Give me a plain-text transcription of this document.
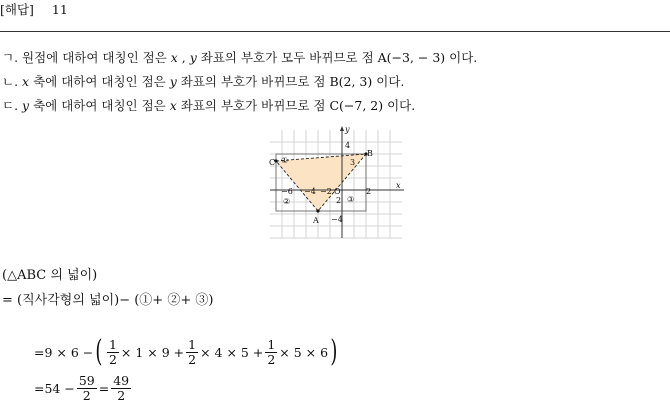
[해답] 11
ㄱ. 원점에 대하여 대칭인 점은 x , y 좌표의 부호가 모두 바뀌므로 점 A(−3, − 3) 이다.
ㄴ. x 축에 대하여 대칭인 점은 y 좌표의 부호가 바뀌므로 점 B(2, 3) 이다.
ㄷ. y 축에 대하여 대칭인 점은 x 좌표의 부호가 바뀌므로 점 C(−7, 2) 이다.
B
C
A
O
y
x
4
3
−6 −4 −2	2
−4
2
①
②	③
(△ABC 의 넓이)
= (직사각형의 넓이)− (①+ ②+ ③)
=9 × 6 − ( $\frac{1}{2} \times 1 \times 9 + \frac{1}{2} \times 4 \times 5 + \frac{1}{2} \times 5 \times 6$ )
$=54 - \frac{59}{2} = \frac{49}{2}$
